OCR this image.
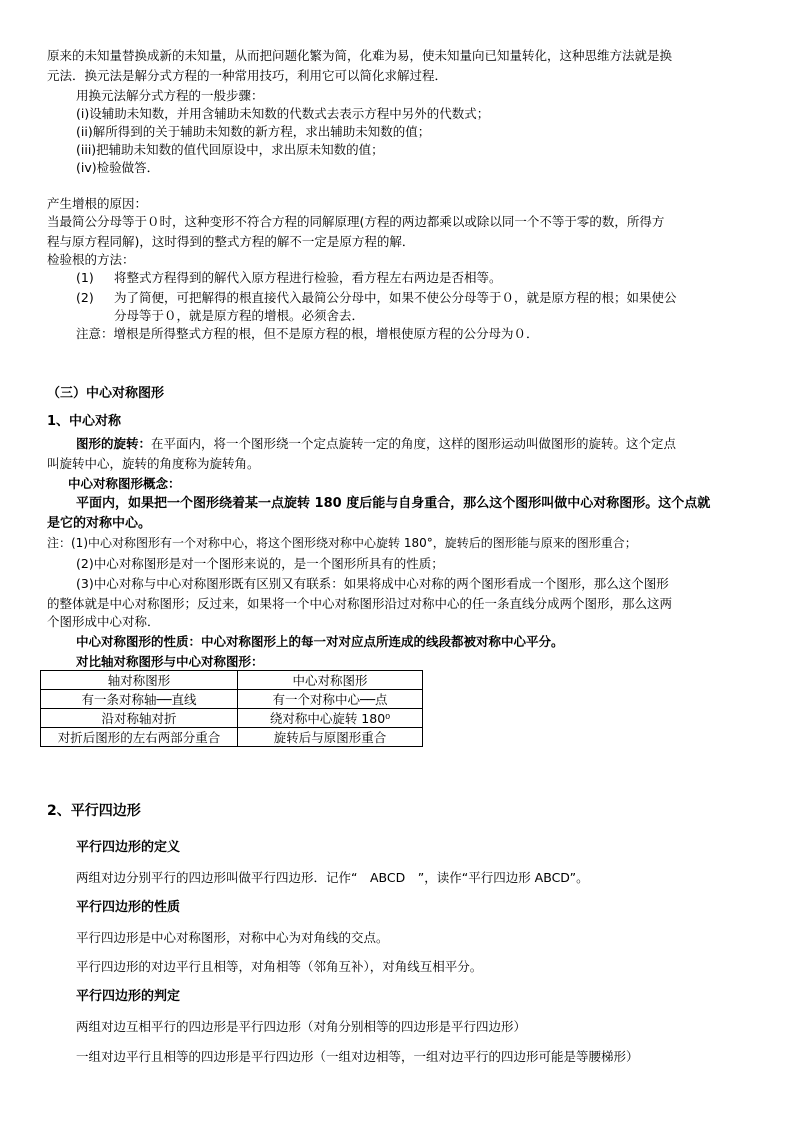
原来的未知量替换成新的未知量，从而把问题化繁为简，化难为易，使未知量向已知量转化，这种思维方法就是换
元法．换元法是解分式方程的一种常用技巧，利用它可以简化求解过程．
用换元法解分式方程的一般步骤：
(i)设辅助未知数，并用含辅助未知数的代数式去表示方程中另外的代数式；
(ii)解所得到的关于辅助未知数的新方程，求出辅助未知数的值；
(iii)把辅助未知数的值代回原设中，求出原未知数的值；
(iv)检验做答．
产生增根的原因：
当最简公分母等于０时，这种变形不符合方程的同解原理(方程的两边都乘以或除以同一个不等于零的数，所得方
程与原方程同解)，这时得到的整式方程的解不一定是原方程的解．
检验根的方法：
(1) 将整式方程得到的解代入原方程进行检验，看方程左右两边是否相等。
(2) 为了简便，可把解得的根直接代入最简公分母中，如果不使公分母等于０，就是原方程的根；如果使公
分母等于０，就是原方程的增根。必须舍去．
注意：增根是所得整式方程的根，但不是原方程的根，增根使原方程的公分母为０．
（三）中心对称图形
1、中心对称
图形的旋转：在平面内，将一个图形绕一个定点旋转一定的角度，这样的图形运动叫做图形的旋转。这个定点
叫旋转中心，旋转的角度称为旋转角。
中心对称图形概念：
平面内，如果把一个图形绕着某一点旋转 180 度后能与自身重合，那么这个图形叫做中心对称图形。这个点就
是它的对称中心。
注：(1)中心对称图形有一个对称中心，将这个图形绕对称中心旋转 180°，旋转后的图形能与原来的图形重合；
(2)中心对称图形是对一个图形来说的，是一个图形所具有的性质；
(3)中心对称与中心对称图形既有区别又有联系：如果将成中心对称的两个图形看成一个图形，那么这个图形
的整体就是中心对称图形；反过来，如果将一个中心对称图形沿过对称中心的任一条直线分成两个图形，那么这两
个图形成中心对称．
中心对称图形的性质：中心对称图形上的每一对对应点所连成的线段都被对称中心平分。
对比轴对称图形与中心对称图形：
轴对称图形	中心对称图形
有一条对称轴──直线	有一个对称中心──点
沿对称轴对折	绕对称中心旋转 180⁰
对折后图形的左右两部分重合	旋转后与原图形重合
2、平行四边形
平行四边形的定义
两组对边分别平行的四边形叫做平行四边形．记作“　ABCD　”，读作“平行四边形 ABCD”。
平行四边形的性质
平行四边形是中心对称图形，对称中心为对角线的交点。
平行四边形的对边平行且相等，对角相等（邻角互补），对角线互相平分。
平行四边形的判定
两组对边互相平行的四边形是平行四边形（对角分别相等的四边形是平行四边形）
一组对边平行且相等的四边形是平行四边形（一组对边相等，一组对边平行的四边形可能是等腰梯形）
